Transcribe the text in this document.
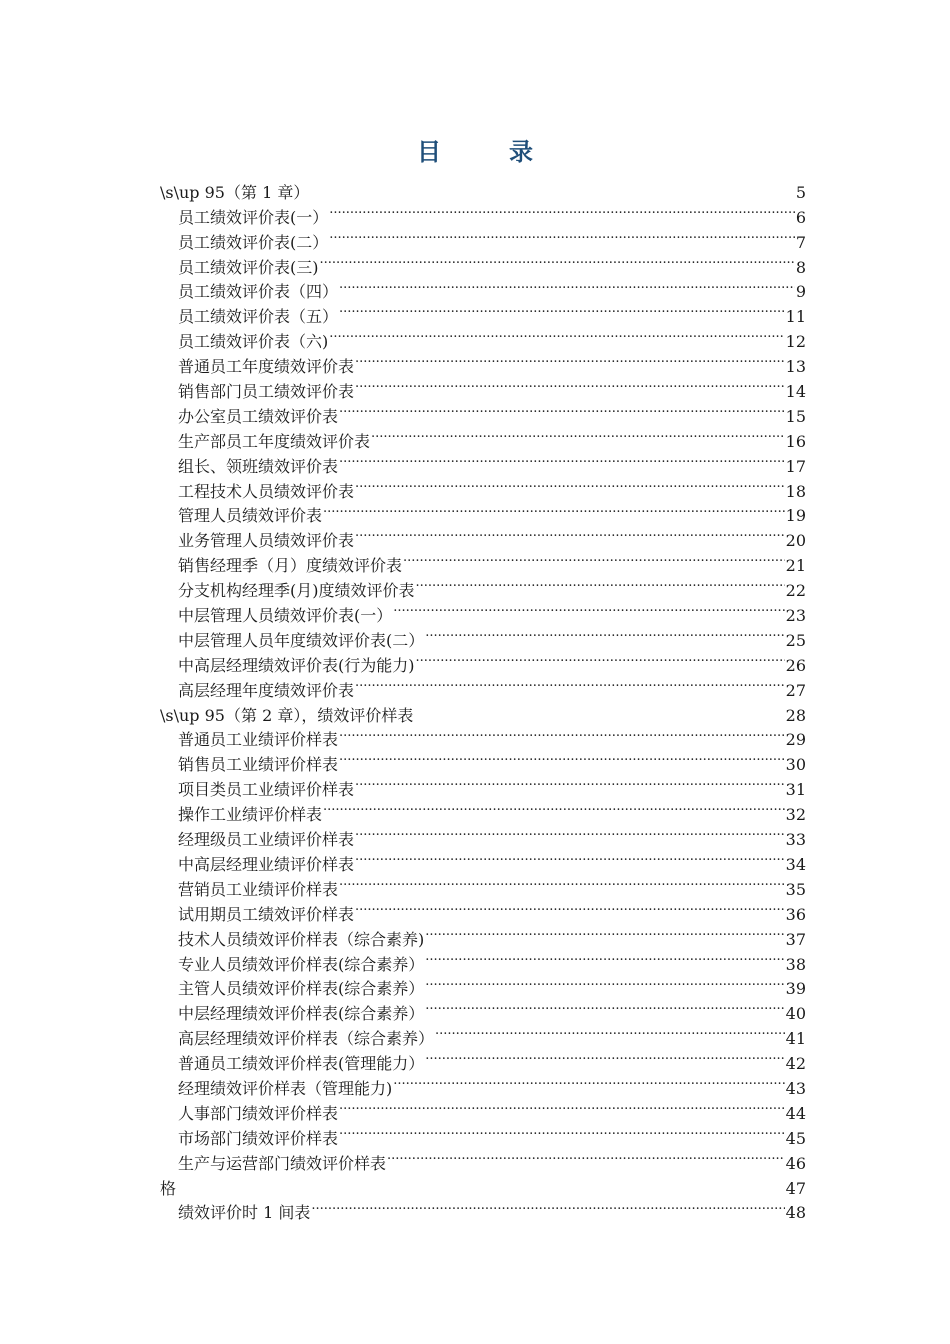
目　录
\s\up 95（第 1 章）	5
员工绩效评价表(一） .....	6
员工绩效评价表(二） .....	7
员工绩效评价表(三) .....	8
员工绩效评价表（四） .....	9
员工绩效评价表（五） .....	11
员工绩效评价表（六) .....	12
普通员工年度绩效评价表 .....	13
销售部门员工绩效评价表 .....	14
办公室员工绩效评价表 .....	15
生产部员工年度绩效评价表 .....	16
组长、领班绩效评价表 .....	17
工程技术人员绩效评价表 .....	18
管理人员绩效评价表 .....	19
业务管理人员绩效评价表 .....	20
销售经理季（月）度绩效评价表 .....	21
分支机构经理季(月)度绩效评价表 .....	22
中层管理人员绩效评价表(一） .....	23
中层管理人员年度绩效评价表(二） .....	25
中高层经理绩效评价表(行为能力) .....	26
高层经理年度绩效评价表 .....	27
\s\up 95（第 2 章），绩效评价样表	28
普通员工业绩评价样表 .....	29
销售员工业绩评价样表 .....	30
项目类员工业绩评价样表 .....	31
操作工业绩评价样表 .....	32
经理级员工业绩评价样表 .....	33
中高层经理业绩评价样表 .....	34
营销员工业绩评价样表 .....	35
试用期员工绩效评价样表 .....	36
技术人员绩效评价样表（综合素养) .....	37
专业人员绩效评价样表(综合素养） .....	38
主管人员绩效评价样表(综合素养） .....	39
中层经理绩效评价样表(综合素养） .....	40
高层经理绩效评价样表（综合素养） .....	41
普通员工绩效评价样表(管理能力） .....	42
经理绩效评价样表（管理能力) .....	43
人事部门绩效评价样表 .....	44
市场部门绩效评价样表 .....	45
生产与运营部门绩效评价样表 .....	46
格	47
绩效评价时 1 间表 .....	48
